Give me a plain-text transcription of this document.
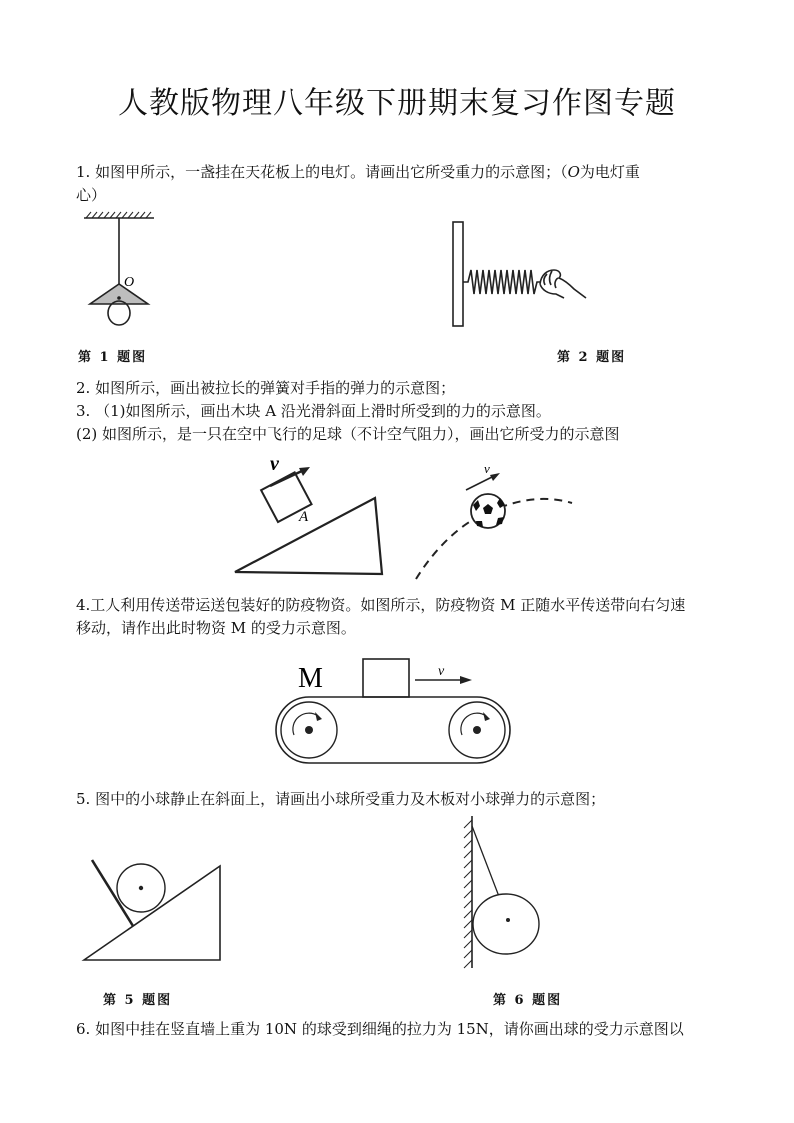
人教版物理八年级下册期末复习作图专题
1. 如图甲所示，一盏挂在天花板上的电灯。请画出它所受重力的示意图；（O为电灯重
心）
O
第 1 题图	第 2 题图
2. 如图所示，画出被拉长的弹簧对手指的弹力的示意图；
3. （1)如图所示，画出木块 A 沿光滑斜面上滑时所受到的力的示意图。
(2) 如图所示，是一只在空中飞行的足球（不计空气阻力），画出它所受力的示意图
A
v	v
4.工人利用传送带运送包装好的防疫物资。如图所示，防疫物资 M 正随水平传送带向右匀速
移动，请作出此时物资 M 的受力示意图。
M	v
5. 图中的小球静止在斜面上，请画出小球所受重力及木板对小球弹力的示意图；
第 5 题图	第 6 题图
6. 如图中挂在竖直墙上重为 10N 的球受到细绳的拉力为 15N，请你画出球的受力示意图以
